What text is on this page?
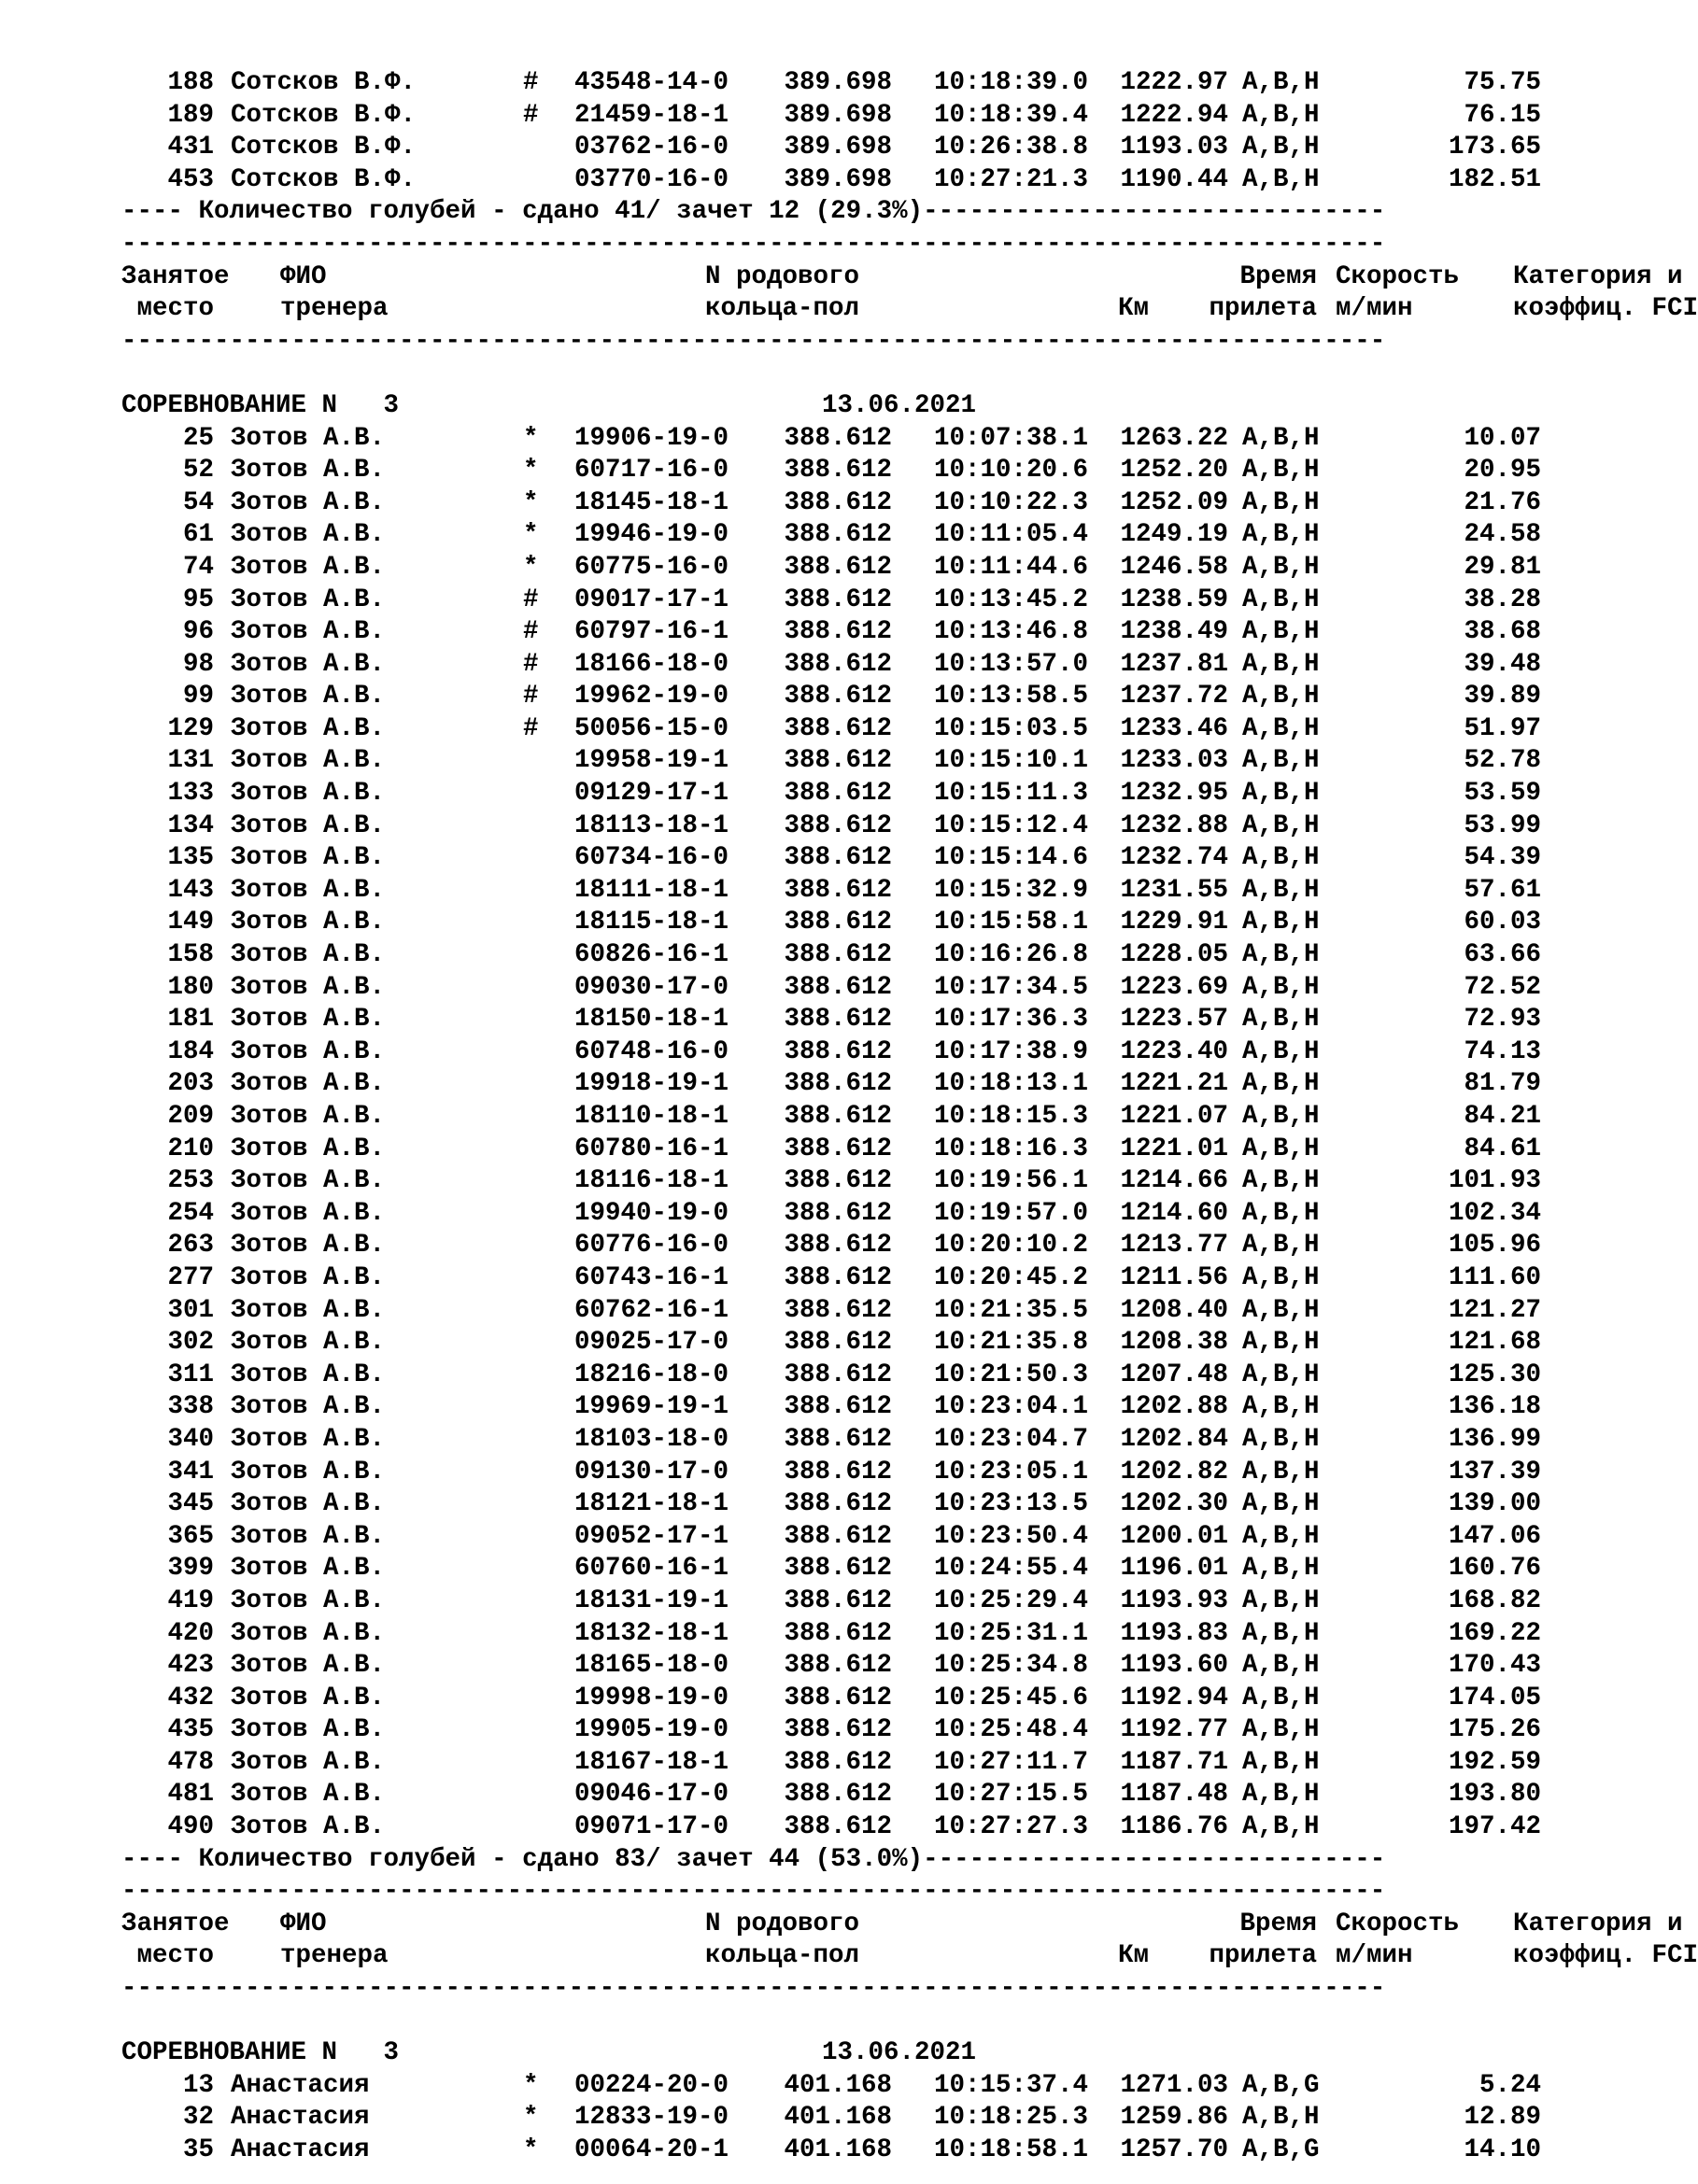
188 Сотсков В.Ф.	# 43548-14-0 389.698 10:18:39.0 1222.97 A,B,H	75.75
189 Сотсков В.Ф.	# 21459-18-1 389.698 10:18:39.4 1222.94 A,B,H	76.15
431 Сотсков В.Ф.	03762-16-0 389.698 10:26:38.8 1193.03 A,B,H	173.65
453 Сотсков В.Ф.	03770-16-0 389.698 10:27:21.3 1190.44 A,B,H	182.51
---- Количество голубей - сдано 41/ зачет 12 (29.3%)------------------------------
----------------------------------------------------------------------------------
Занятое ФИО	N родового	Время Скорость Категория и
место	тренера	кольца-пол	Км прилета м/мин	коэффиц. FCI
----------------------------------------------------------------------------------
СОРЕВНОВАНИЕ N   3	13.06.2021
25 Зотов А.В.	* 19906-19-0 388.612 10:07:38.1 1263.22 A,B,H	10.07
52 Зотов А.В.	* 60717-16-0 388.612 10:10:20.6 1252.20 A,B,H	20.95
54 Зотов А.В.	* 18145-18-1 388.612 10:10:22.3 1252.09 A,B,H	21.76
61 Зотов А.В.	* 19946-19-0 388.612 10:11:05.4 1249.19 A,B,H	24.58
74 Зотов А.В.	* 60775-16-0 388.612 10:11:44.6 1246.58 A,B,H	29.81
95 Зотов А.В.	# 09017-17-1 388.612 10:13:45.2 1238.59 A,B,H	38.28
96 Зотов А.В.	# 60797-16-1 388.612 10:13:46.8 1238.49 A,B,H	38.68
98 Зотов А.В.	# 18166-18-0 388.612 10:13:57.0 1237.81 A,B,H	39.48
99 Зотов А.В.	# 19962-19-0 388.612 10:13:58.5 1237.72 A,B,H	39.89
129 Зотов А.В.	# 50056-15-0 388.612 10:15:03.5 1233.46 A,B,H	51.97
131 Зотов А.В.	19958-19-1 388.612 10:15:10.1 1233.03 A,B,H	52.78
133 Зотов А.В.	09129-17-1 388.612 10:15:11.3 1232.95 A,B,H	53.59
134 Зотов А.В.	18113-18-1 388.612 10:15:12.4 1232.88 A,B,H	53.99
135 Зотов А.В.	60734-16-0 388.612 10:15:14.6 1232.74 A,B,H	54.39
143 Зотов А.В.	18111-18-1 388.612 10:15:32.9 1231.55 A,B,H	57.61
149 Зотов А.В.	18115-18-1 388.612 10:15:58.1 1229.91 A,B,H	60.03
158 Зотов А.В.	60826-16-1 388.612 10:16:26.8 1228.05 A,B,H	63.66
180 Зотов А.В.	09030-17-0 388.612 10:17:34.5 1223.69 A,B,H	72.52
181 Зотов А.В.	18150-18-1 388.612 10:17:36.3 1223.57 A,B,H	72.93
184 Зотов А.В.	60748-16-0 388.612 10:17:38.9 1223.40 A,B,H	74.13
203 Зотов А.В.	19918-19-1 388.612 10:18:13.1 1221.21 A,B,H	81.79
209 Зотов А.В.	18110-18-1 388.612 10:18:15.3 1221.07 A,B,H	84.21
210 Зотов А.В.	60780-16-1 388.612 10:18:16.3 1221.01 A,B,H	84.61
253 Зотов А.В.	18116-18-1 388.612 10:19:56.1 1214.66 A,B,H	101.93
254 Зотов А.В.	19940-19-0 388.612 10:19:57.0 1214.60 A,B,H	102.34
263 Зотов А.В.	60776-16-0 388.612 10:20:10.2 1213.77 A,B,H	105.96
277 Зотов А.В.	60743-16-1 388.612 10:20:45.2 1211.56 A,B,H	111.60
301 Зотов А.В.	60762-16-1 388.612 10:21:35.5 1208.40 A,B,H	121.27
302 Зотов А.В.	09025-17-0 388.612 10:21:35.8 1208.38 A,B,H	121.68
311 Зотов А.В.	18216-18-0 388.612 10:21:50.3 1207.48 A,B,H	125.30
338 Зотов А.В.	19969-19-1 388.612 10:23:04.1 1202.88 A,B,H	136.18
340 Зотов А.В.	18103-18-0 388.612 10:23:04.7 1202.84 A,B,H	136.99
341 Зотов А.В.	09130-17-0 388.612 10:23:05.1 1202.82 A,B,H	137.39
345 Зотов А.В.	18121-18-1 388.612 10:23:13.5 1202.30 A,B,H	139.00
365 Зотов А.В.	09052-17-1 388.612 10:23:50.4 1200.01 A,B,H	147.06
399 Зотов А.В.	60760-16-1 388.612 10:24:55.4 1196.01 A,B,H	160.76
419 Зотов А.В.	18131-19-1 388.612 10:25:29.4 1193.93 A,B,H	168.82
420 Зотов А.В.	18132-18-1 388.612 10:25:31.1 1193.83 A,B,H	169.22
423 Зотов А.В.	18165-18-0 388.612 10:25:34.8 1193.60 A,B,H	170.43
432 Зотов А.В.	19998-19-0 388.612 10:25:45.6 1192.94 A,B,H	174.05
435 Зотов А.В.	19905-19-0 388.612 10:25:48.4 1192.77 A,B,H	175.26
478 Зотов А.В.	18167-18-1 388.612 10:27:11.7 1187.71 A,B,H	192.59
481 Зотов А.В.	09046-17-0 388.612 10:27:15.5 1187.48 A,B,H	193.80
490 Зотов А.В.	09071-17-0 388.612 10:27:27.3 1186.76 A,B,H	197.42
---- Количество голубей - сдано 83/ зачет 44 (53.0%)------------------------------
----------------------------------------------------------------------------------
Занятое ФИО	N родового	Время Скорость Категория и
место	тренера	кольца-пол	Км прилета м/мин	коэффиц. FCI
----------------------------------------------------------------------------------
СОРЕВНОВАНИЕ N   3	13.06.2021
13 Анастасия	* 00224-20-0 401.168 10:15:37.4 1271.03 A,B,G	5.24
32 Анастасия	* 12833-19-0 401.168 10:18:25.3 1259.86 A,B,H	12.89
35 Анастасия	* 00064-20-1 401.168 10:18:58.1 1257.70 A,B,G	14.10
